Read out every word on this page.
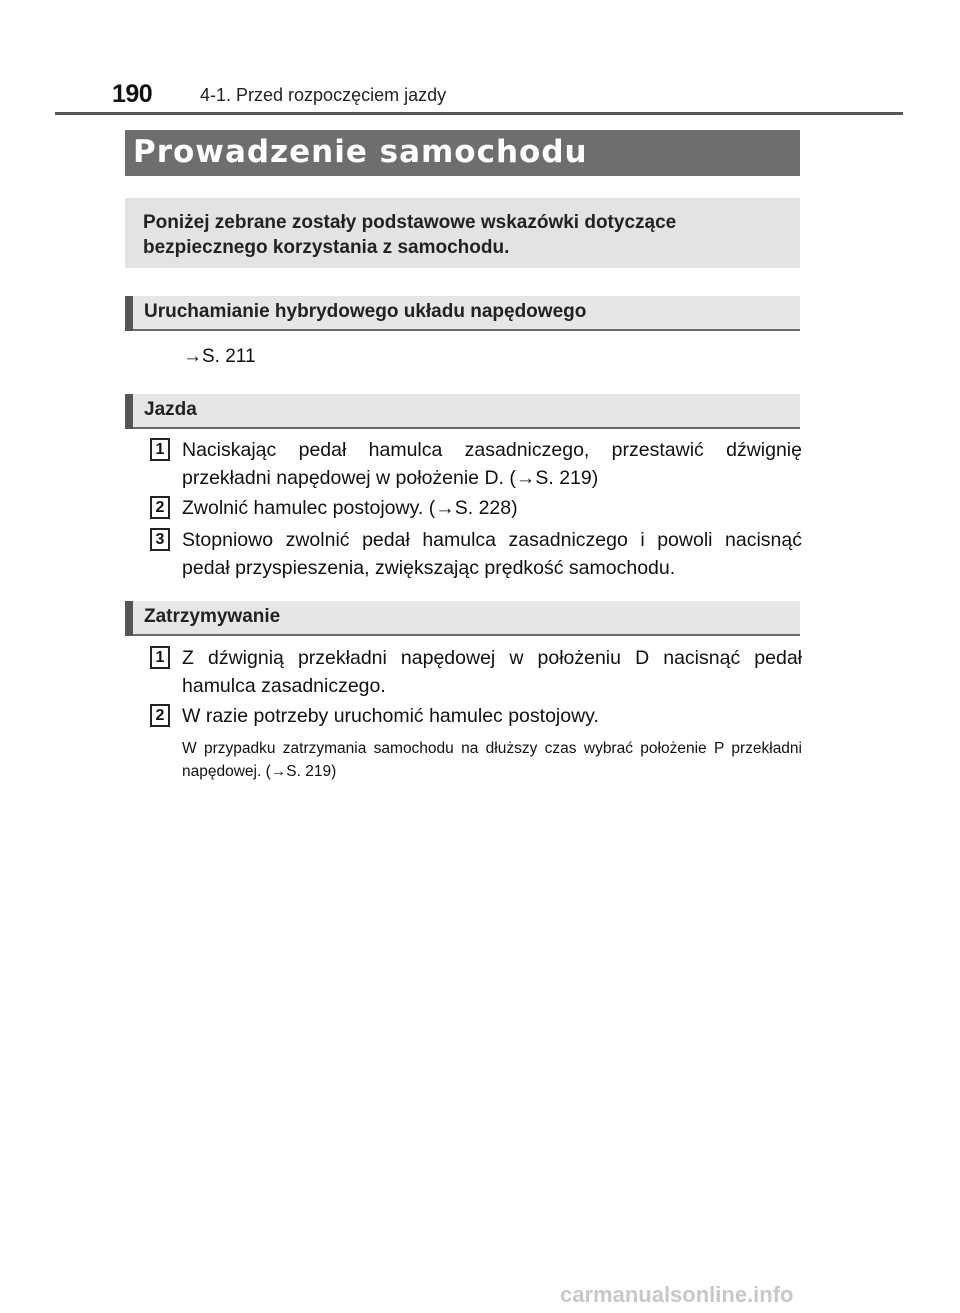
190	4-1. Przed rozpoczęciem jazdy
Prowadzenie samochodu
Poniżej zebrane zostały podstawowe wskazówki dotyczące bezpiecznego korzystania z samochodu.
Uruchamianie hybrydowego układu napędowego
→S. 211
Jazda
1 Naciskając pedał hamulca zasadniczego, przestawić dźwignię przekładni napędowej w położenie D. (→S. 219)
2 Zwolnić hamulec postojowy. (→S. 228)
3 Stopniowo zwolnić pedał hamulca zasadniczego i powoli nacisnąć pedał przyspieszenia, zwiększając prędkość samochodu.
Zatrzymywanie
1 Z dźwignią przekładni napędowej w położeniu D nacisnąć pedał hamulca zasadniczego.
2 W razie potrzeby uruchomić hamulec postojowy.
W przypadku zatrzymania samochodu na dłuższy czas wybrać położenie P przekładni napędowej. (→S. 219)
carmanualsonline.info
